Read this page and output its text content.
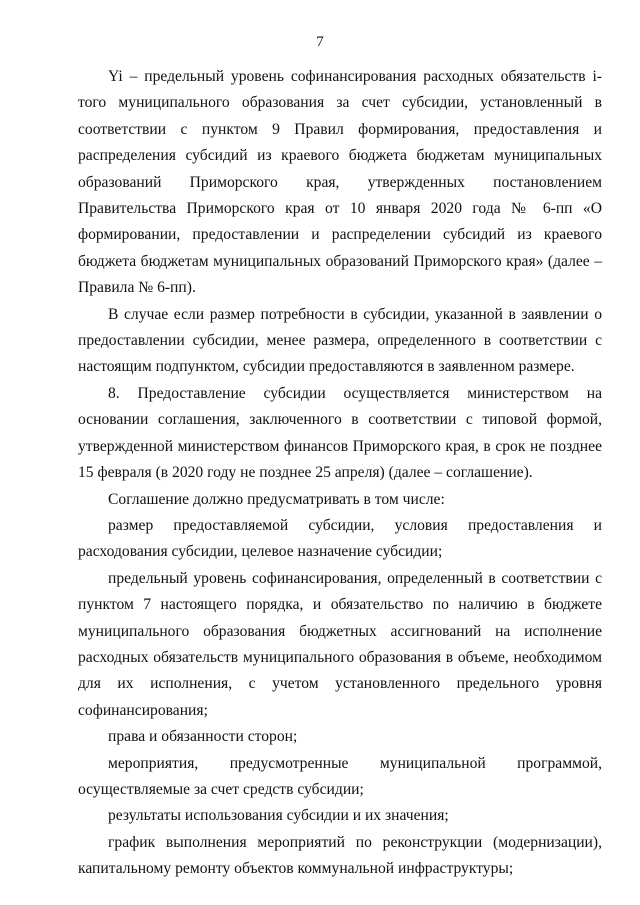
7

Yi – предельный уровень софинансирования расходных обязательств i-того муниципального образования за счет субсидии, установленный в соответствии с пунктом 9 Правил формирования, предоставления и распределения субсидий из краевого бюджета бюджетам муниципальных образований Приморского края, утвержденных постановлением Правительства Приморского края от 10 января 2020 года № 6-пп «О формировании, предоставлении и распределении субсидий из краевого бюджета бюджетам муниципальных образований Приморского края» (далее – Правила № 6-пп).

В случае если размер потребности в субсидии, указанной в заявлении о предоставлении субсидии, менее размера, определенного в соответствии с настоящим подпунктом, субсидии предоставляются в заявленном размере.

8. Предоставление субсидии осуществляется министерством на основании соглашения, заключенного в соответствии с типовой формой, утвержденной министерством финансов Приморского края, в срок не позднее 15 февраля (в 2020 году не позднее 25 апреля) (далее – соглашение).

Соглашение должно предусматривать в том числе:

размер предоставляемой субсидии, условия предоставления и расходования субсидии, целевое назначение субсидии;

предельный уровень софинансирования, определенный в соответствии с пунктом 7 настоящего порядка, и обязательство по наличию в бюджете муниципального образования бюджетных ассигнований на исполнение расходных обязательств муниципального образования в объеме, необходимом для их исполнения, с учетом установленного предельного уровня софинансирования;

права и обязанности сторон;

мероприятия, предусмотренные муниципальной программой, осуществляемые за счет средств субсидии;

результаты использования субсидии и их значения;

график выполнения мероприятий по реконструкции (модернизации), капитальному ремонту объектов коммунальной инфраструктуры;
